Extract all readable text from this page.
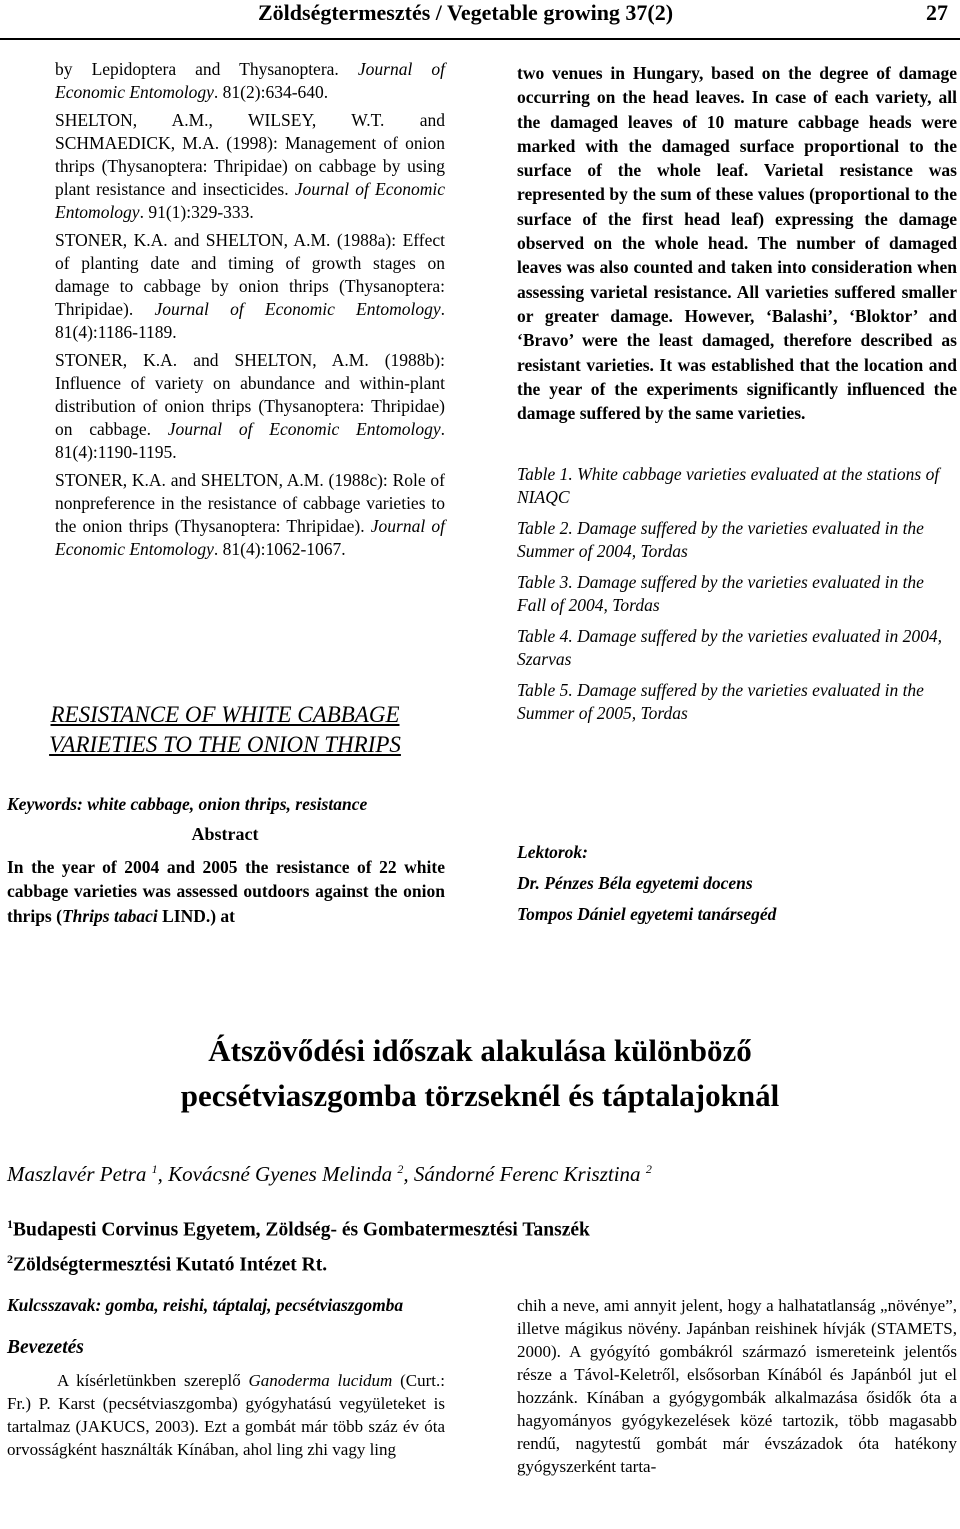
Zöldségtermesztés / Vegetable growing 37(2)	27

by Lepidoptera and Thysanoptera. Journal of Economic Entomology. 81(2):634-640.

SHELTON, A.M., WILSEY, W.T. and SCHMAEDICK, M.A. (1998): Management of onion thrips (Thysanoptera: Thripidae) on cabbage by using plant resistance and insecticides. Journal of Economic Entomology. 91(1):329-333.

STONER, K.A. and SHELTON, A.M. (1988a): Effect of planting date and timing of growth stages on damage to cabbage by onion thrips (Thysanoptera: Thripidae). Journal of Economic Entomology. 81(4):1186-1189.

STONER, K.A. and SHELTON, A.M. (1988b): Influence of variety on abundance and within-plant distribution of onion thrips (Thysanoptera: Thripidae) on cabbage. Journal of Economic Entomology. 81(4):1190-1195.

STONER, K.A. and SHELTON, A.M. (1988c): Role of nonpreference in the resistance of cabbage varieties to the onion thrips (Thysanoptera: Thripidae). Journal of Economic Entomology. 81(4):1062-1067.

RESISTANCE OF WHITE CABBAGE
VARIETIES TO THE ONION THRIPS
Keywords: white cabbage, onion thrips, resistance
Abstract

In the year of 2004 and 2005 the resistance of 22 white cabbage varieties was assessed outdoors against the onion thrips (Thrips tabaci LIND.) at

two venues in Hungary, based on the degree of damage occurring on the head leaves. In case of each variety, all the damaged leaves of 10 mature cabbage heads were marked with the damaged surface proportional to the surface of the whole leaf. Varietal resistance was represented by the sum of these values (proportional to the surface of the first head leaf) expressing the damage observed on the whole head. The number of damaged leaves was also counted and taken into consideration when assessing varietal resistance. All varieties suffered smaller or greater damage. However, ‘Balashi’, ‘Bloktor’ and ‘Bravo’ were the least damaged, therefore described as resistant varieties. It was established that the location and the year of the experiments significantly influenced the damage suffered by the same varieties.

Table 1. White cabbage varieties evaluated at the stations of NIAQC

Table 2. Damage suffered by the varieties evaluated in the Summer of 2004, Tordas

Table 3. Damage suffered by the varieties evaluated in the Fall of 2004, Tordas

Table 4. Damage suffered by the varieties evaluated in 2004, Szarvas

Table 5. Damage suffered by the varieties evaluated in the Summer of 2005, Tordas

Lektorok:
Dr. Pénzes Béla egyetemi docens
Tompos Dániel egyetemi tanársegéd
Átszövődési időszak alakulása különböző
pecsétviaszgomba törzseknél és táptalajoknál
Maszlavér Petra $^1$, Kovácsné Gyenes Melinda $^2$, Sándorné Ferenc Krisztina $^2$
$^1$Budapesti Corvinus Egyetem, Zöldség- és Gombatermesztési Tanszék
$^2$Zöldségtermesztési Kutató Intézet Rt.

Kulcsszavak: gomba, reishi, táptalaj, pecsétviaszgomba

Bevezetés

A kísérletünkben szereplő Ganoderma lucidum (Curt.: Fr.) P. Karst (pecsétviaszgomba) gyógyhatású vegyületeket is tartalmaz (JAKUCS, 2003). Ezt a gombát már több száz év óta orvosságként használták Kínában, ahol ling zhi vagy ling

chih a neve, ami annyit jelent, hogy a halhatatlanság „növénye”, illetve mágikus növény. Japánban reishinek hívják (STAMETS, 2000). A gyógyító gombákról származó ismereteink jelentős része a Távol-Keletről, elsősorban Kínából és Japánból jut el hozzánk. Kínában a gyógygombák alkalmazása ősidők óta a hagyományos gyógykezelések közé tartozik, több magasabb rendű, nagytestű gombát már évszázadok óta hatékony gyógyszerként tarta-
